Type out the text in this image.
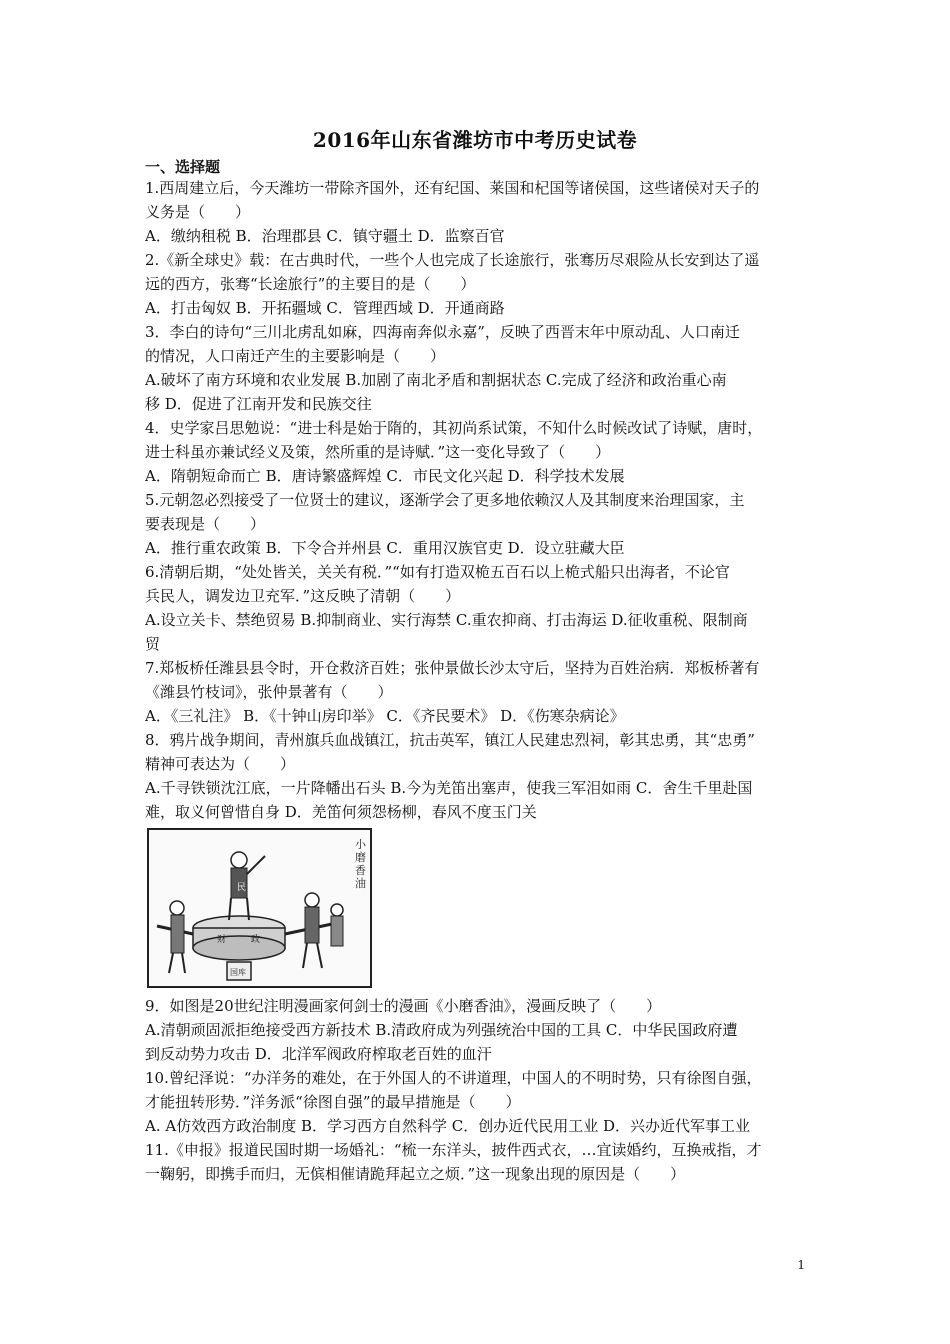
2016年山东省潍坊市中考历史试卷
一、选择题
1.西周建立后，今天潍坊一带除齐国外，还有纪国、莱国和杞国等诸侯国，这些诸侯对天子的
义务是（　　）
A．缴纳租税 B．治理郡县 C．镇守疆土 D．监察百官
2.《新全球史》载：在古典时代，一些个人也完成了长途旅行，张骞历尽艰险从长安到达了遥
远的西方，张骞“长途旅行”的主要目的是（　　）
A．打击匈奴 B．开拓疆域 C．管理西域 D．开通商路
3．李白的诗句“三川北虏乱如麻，四海南奔似永嘉”，反映了西晋末年中原动乱、人口南迁
的情况，人口南迁产生的主要影响是（　　）
A.破坏了南方环境和农业发展 B.加剧了南北矛盾和割据状态 C.完成了经济和政治重心南
移 D．促进了江南开发和民族交往
4．史学家吕思勉说：“进士科是始于隋的，其初尚系试策，不知什么时候改试了诗赋，唐时，
进士科虽亦兼试经义及策，然所重的是诗赋．”这一变化导致了（　　）
A．隋朝短命而亡 B．唐诗繁盛辉煌 C．市民文化兴起 D．科学技术发展
5.元朝忽必烈接受了一位贤士的建议，逐渐学会了更多地依赖汉人及其制度来治理国家，主
要表现是（　　）
A．推行重农政策 B．下令合并州县 C．重用汉族官吏 D．设立驻藏大臣
6.清朝后期，“处处皆关，关关有税．”“如有打造双桅五百石以上桅式船只出海者，不论官
兵民人，调发边卫充军．”这反映了清朝（　　）
A.设立关卡、禁绝贸易 B.抑制商业、实行海禁 C.重农抑商、打击海运 D.征收重税、限制商
贸
7.郑板桥任潍县县令时，开仓救济百姓；张仲景做长沙太守后，坚持为百姓治病．郑板桥著有
《潍县竹枝词》，张仲景著有（　　）
A．《三礼注》 B．《十钟山房印举》 C．《齐民要术》 D．《伤寒杂病论》
8．鸦片战争期间，青州旗兵血战镇江，抗击英军，镇江人民建忠烈祠，彰其忠勇，其“忠勇”
精神可表达为（　　）
A.千寻铁锁沈江底，一片降幡出石头 B.今为羌笛出塞声，使我三军泪如雨 C．舍生千里赴国
难，取义何曾惜自身 D．羌笛何须怨杨柳，春风不度玉门关
小磨香油
国库
民
财	政
9．如图是20世纪注明漫画家何剑士的漫画《小磨香油》，漫画反映了（　　）
A.清朝顽固派拒绝接受西方新技术 B.清政府成为列强统治中国的工具 C．中华民国政府遭
到反动势力攻击 D．北洋军阀政府榨取老百姓的血汗
10.曾纪泽说：“办洋务的难处，在于外国人的不讲道理，中国人的不明时势，只有徐图自强，
才能扭转形势．”洋务派“徐图自强”的最早措施是（　　）
A. A仿效西方政治制度 B．学习西方自然科学 C．创办近代民用工业 D．兴办近代军事工业
11.《申报》报道民国时期一场婚礼：“梳一东洋头，披件西式衣，…宜读婚约，互换戒指，才
一鞠躬，即携手而归，无傧相催请跪拜起立之烦．”这一现象出现的原因是（　　）
1
